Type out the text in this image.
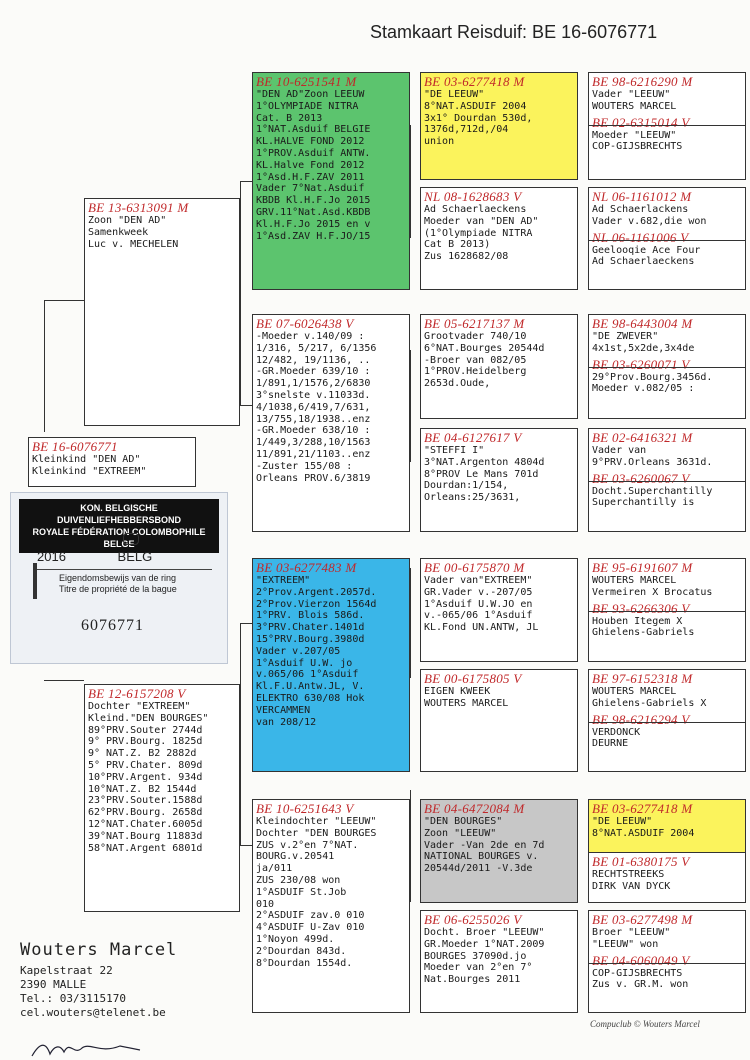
Stamkaart Reisduif: BE 16-6076771
BE 16-6076771
Kleinkind "DEN AD"
Kleinkind "EXTREEM"
KON. BELGISCHE DUIVENLIEFHEBBERSBOND
ROYALE FÉDÉRATION COLOMBOPHILE BELGE
2016	BELG
Eigendomsbewijs van de ring
Titre de propriété de la bague
6076771
BE 13-6313091 M
Zoon "DEN AD"
Samenkweek
Luc v. MECHELEN
BE 12-6157208 V
Dochter "EXTREEM"
Kleind."DEN BOURGES"
89°PRV.Souter 2744d
9° PRV.Bourg. 1825d
9° NAT.Z. B2 2882d
5° PRV.Chater. 809d
10°PRV.Argent. 934d
10°NAT.Z. B2 1544d
23°PRV.Souter.1588d
62°PRV.Bourg. 2658d
12°NAT.Chater.6005d
39°NAT.Bourg 11883d
58°NAT.Argent 6801d
BE 10-6251541 M
"DEN AD"Zoon LEEUW
1°OLYMPIADE NITRA
Cat. B 2013
1°NAT.Asduif BELGIE
KL.HALVE FOND 2012
1°PROV.Asduif ANTW.
KL.Halve Fond 2012
1°Asd.H.F.ZAV 2011
Vader 7°Nat.Asduif
KBDB Kl.H.F.Jo 2015
GRV.11°Nat.Asd.KBDB
Kl.H.F.Jo 2015 en v
1°Asd.ZAV H.F.JO/15
BE 07-6026438 V
-Moeder v.140/09 :
1/316, 5/217, 6/1356
12/482, 19/1136, ..
-GR.Moeder 639/10 :
1/891,1/1576,2/6830
3°snelste v.11033d.
4/1038,6/419,7/631,
13/755,18/1938..enz
-GR.Moeder 638/10 :
1/449,3/288,10/1563
11/891,21/1103..enz
-Zuster 155/08 :
Orleans PROV.6/3819
BE 03-6277483 M
"EXTREEM"
2°Prov.Argent.2057d.
2°Prov.Vierzon 1564d
1°PRV. Blois 586d.
3°PRV.Chater.1401d
15°PRV.Bourg.3980d
Vader v.207/05
1°Asduif U.W. jo
v.065/06 1°Asduif
Kl.F.U.Antw.JL, V.
ELEKTRO 630/08 Hok
VERCAMMEN
van 208/12
BE 10-6251643 V
Kleindochter "LEEUW"
Dochter "DEN BOURGES
ZUS v.2°en 7°NAT.
BOURG.v.20541
ja/011
ZUS 230/08 won
1°ASDUIF St.Job
010
2°ASDUIF zav.0 010
4°ASDUIF U-Zav 010
1°Noyon 499d.
2°Dourdan 843d.
8°Dourdan 1554d.
BE 03-6277418 M
"DE LEEUW"
8°NAT.ASDUIF 2004
3x1° Dourdan 530d,
1376d,712d,/04
union
NL 08-1628683 V
Ad Schaerlaeckens
Moeder van "DEN AD"
(1°Olympiade NITRA
Cat B 2013)
Zus 1628682/08
BE 05-6217137 M
Grootvader 740/10
6°NAT.Bourges 20544d
-Broer van 082/05
1°PROV.Heidelberg
2653d.Oude,
BE 04-6127617 V
"STEFFI I"
3°NAT.Argenton 4804d
8°PROV Le Mans 701d
Dourdan:1/154,
Orleans:25/3631,
BE 00-6175870 M
Vader van"EXTREEM"
GR.Vader v.-207/05
1°Asduif U.W.JO en
v.-065/06 1°Asduif
KL.Fond UN.ANTW, JL
BE 00-6175805 V
EIGEN KWEEK
WOUTERS MARCEL
BE 04-6472084 M
"DEN BOURGES"
Zoon "LEEUW"
Vader -Van 2de en 7d
NATIONAL BOURGES v.
20544d/2011 -V.3de
BE 06-6255026 V
Docht. Broer "LEEUW"
GR.Moeder 1°NAT.2009
BOURGES 37090d.jo
Moeder van 2°en 7°
Nat.Bourges 2011
BE 98-6216290 M
Vader "LEEUW"
WOUTERS MARCEL
BE 02-6315014 V
Moeder "LEEUW"
COP-GIJSBRECHTS
NL 06-1161012 M
Ad Schaerlackens
Vader v.682,die won
NL 06-1161006 V
Geelooqie Ace Four
Ad Schaerlaeckens
BE 98-6443004 M
"DE ZWEVER"
4x1st,5x2de,3x4de
BE 03-6260071 V
29°Prov.Bourg.3456d.
Moeder v.082/05 :
BE 02-6416321 M
Vader van
9°PRV.Orleans 3631d.
BE 03-6260067 V
Docht.Superchantilly
Superchantilly is
BE 95-6191607 M
WOUTERS MARCEL
Vermeiren X Brocatus
BE 93-6266306 V
Houben Itegem X
Ghielens-Gabriels
BE 97-6152318 M
WOUTERS MARCEL
Ghielens-Gabriels X
BE 98-6216294 V
VERDONCK
DEURNE
BE 03-6277418 M
"DE LEEUW"
8°NAT.ASDUIF 2004
BE 01-6380175 V
RECHTSTREEKS
DIRK VAN DYCK
BE 03-6277498 M
Broer "LEEUW"
"LEEUW" won
BE 04-6060049 V
COP-GIJSBRECHTS
Zus v. GR.M. won
Wouters Marcel
Kapelstraat 22
2390 MALLE
Tel.: 03/3115170
cel.wouters@telenet.be
Compuclub © Wouters Marcel
